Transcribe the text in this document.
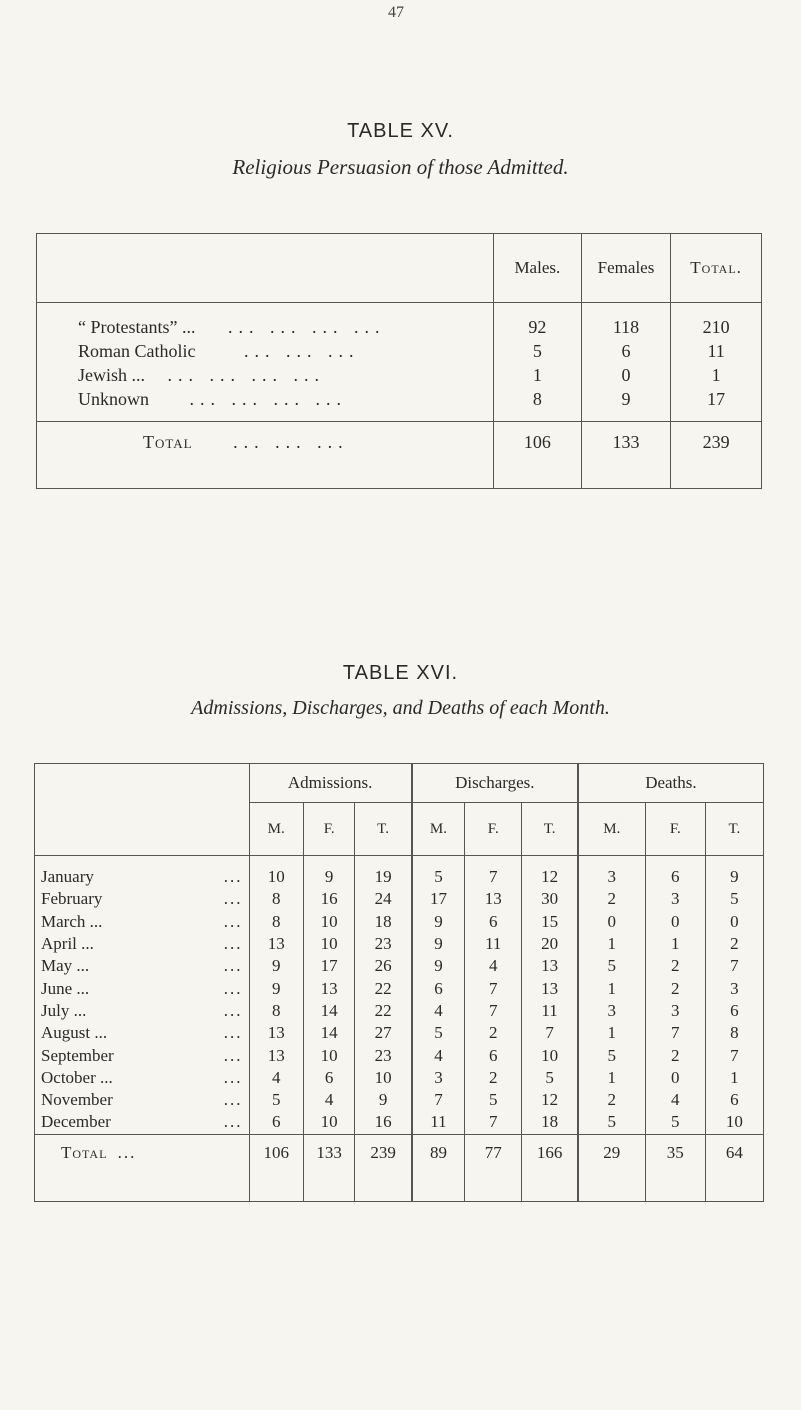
47
TABLE XV.
Religious Persuasion of those Admitted.
	Males.	Females	Total.
“ Protestants” ... ... ... ... ...	92	118	210
Roman Catholic ... ... ...	5	6	11
Jewish ... ... ... ... ...	1	0	1
Unknown ... ... ... ...	8	9	17
Total ... ... ...	106	133	239
TABLE XVI.
Admissions, Discharges, and Deaths of each Month.
	Admissions.			Discharges.			Deaths.		
	M.	F.	T.	M.	F.	T.	M.	F.	T.
January ...	10	9	19	5	7	12	3	6	9
February ...	8	16	24	17	13	30	2	3	5
March ... ...	8	10	18	9	6	15	0	0	0
April ... ...	13	10	23	9	11	20	1	1	2
May ... ...	9	17	26	9	4	13	5	2	7
June ... ...	9	13	22	6	7	13	1	2	3
July ... ...	8	14	22	4	7	11	3	3	6
August ... ...	13	14	27	5	2	7	1	7	8
September ...	13	10	23	4	6	10	5	2	7
October ... ...	4	6	10	3	2	5	1	0	1
November ...	5	4	9	7	5	12	2	4	6
December ...	6	10	16	11	7	18	5	5	10
Total ...	106	133	239	89	77	166	29	35	64
